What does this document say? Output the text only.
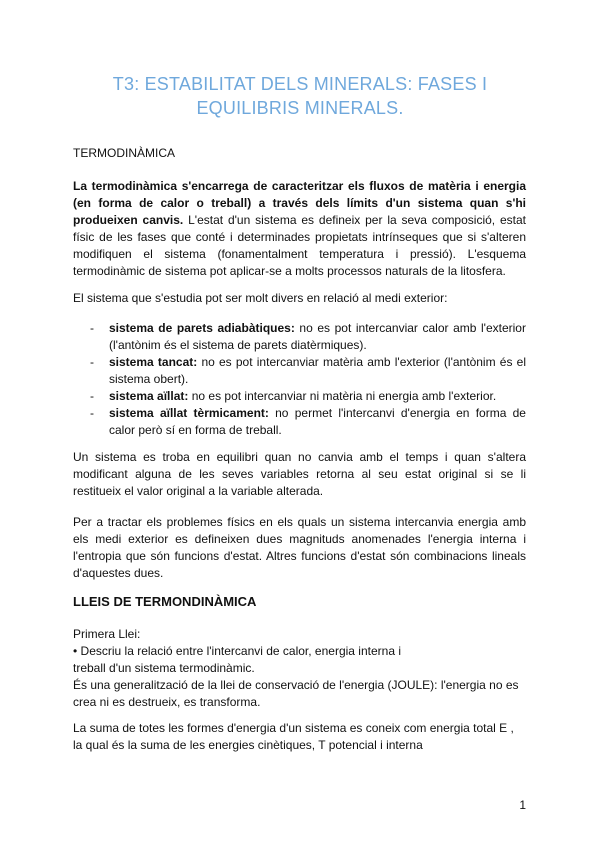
T3: ESTABILITAT DELS MINERALS: FASES I
EQUILIBRIS MINERALS.
TERMODINÀMICA
La termodinàmica s'encarrega de caracteritzar els fluxos de matèria i energia
(en forma de calor o treball) a través dels límits d'un sistema quan s'hi
produeixen canvis. L'estat d'un sistema es defineix per la seva composició, estat
físic de les fases que conté i determinades propietats intrínseques que si s'alteren
modifiquen el sistema (fonamentalment temperatura i pressió). L'esquema
termodinàmic de sistema pot aplicar-se a molts processos naturals de la litosfera.
El sistema que s'estudia pot ser molt divers en relació al medi exterior:
- sistema de parets adiabàtiques: no es pot intercanviar calor amb l'exterior
(l'antònim és el sistema de parets diatèrmiques).
- sistema tancat: no es pot intercanviar matèria amb l'exterior (l'antònim és el
sistema obert).
- sistema aïllat: no es pot intercanviar ni matèria ni energia amb l'exterior.
- sistema aïllat tèrmicament: no permet l'intercanvi d'energia en forma de
calor però sí en forma de treball.
Un sistema es troba en equilibri quan no canvia amb el temps i quan s'altera
modificant alguna de les seves variables retorna al seu estat original si se li
restitueix el valor original a la variable alterada.
Per a tractar els problemes físics en els quals un sistema intercanvia energia amb
els medi exterior es defineixen dues magnituds anomenades l'energia interna i
l'entropia que són funcions d'estat. Altres funcions d'estat són combinacions lineals
d'aquestes dues.
LLEIS DE TERMONDINÀMICA
Primera Llei:
• Descriu la relació entre l'intercanvi de calor, energia interna i
treball d'un sistema termodinàmic.
És una generalització de la llei de conservació de l'energia (JOULE): l'energia no es
crea ni es destrueix, es transforma.
La suma de totes les formes d'energia d'un sistema es coneix com energia total E ,
la qual és la suma de les energies cinètiques, T potencial i interna
1
